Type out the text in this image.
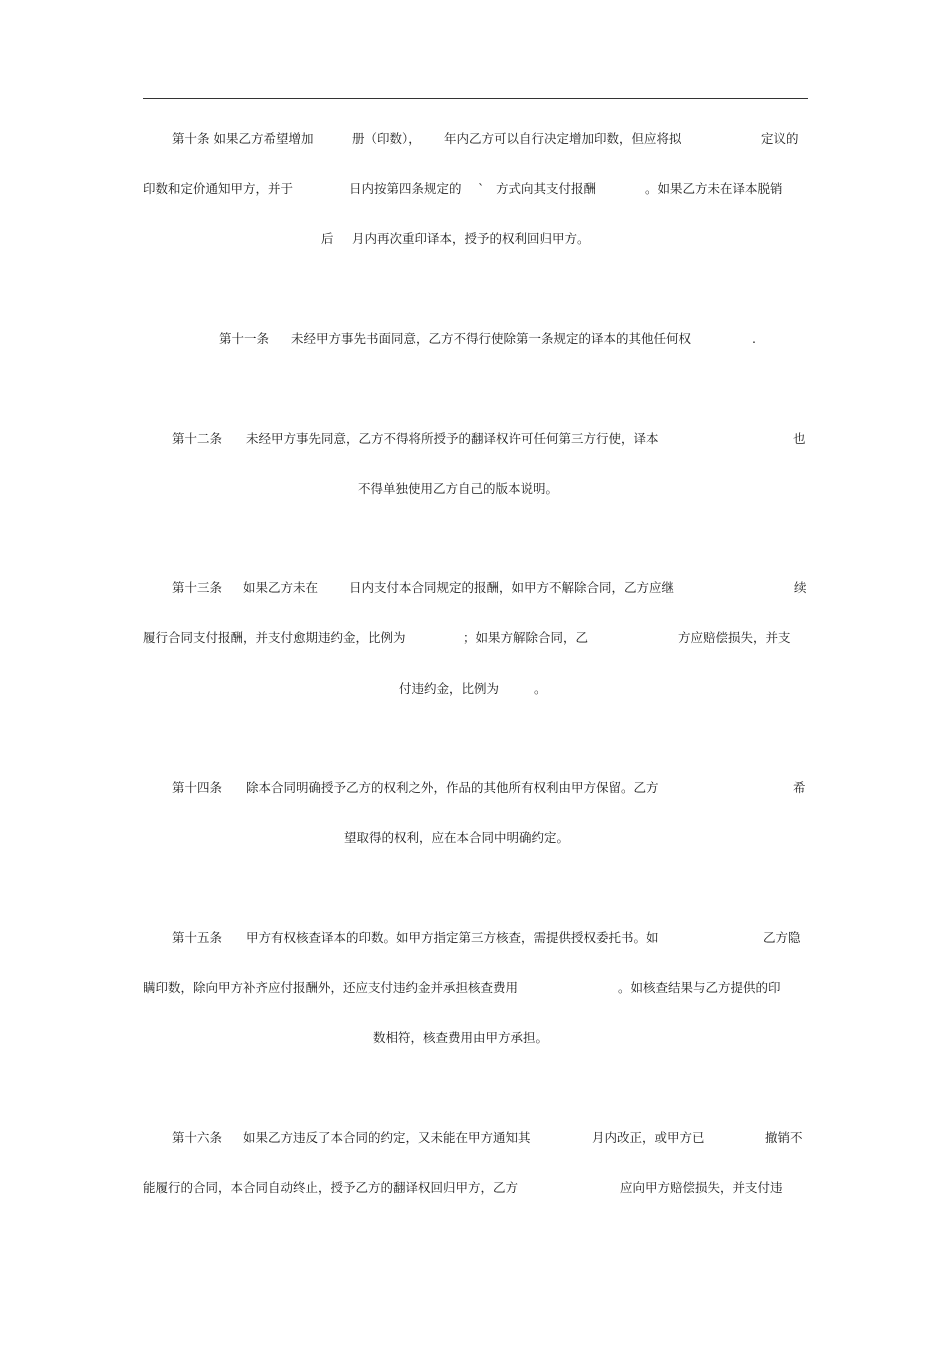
第十条 如果乙方希望增加	册（印数）， 年内乙方可以自行决定增加印数，但应将拟	定议的

印数和定价通知甲方，并于	日内按第四条规定的 ` 方式向其支付报酬	。如果乙方未在译本脱销

后 月内再次重印译本，授予的权利回归甲方。

第十一条 未经甲方事先书面同意，乙方不得行使除第一条规定的译本的其他任何权	.

第十二条 未经甲方事先同意，乙方不得将所授予的翻译权许可任何第三方行使，译本	也

不得单独使用乙方自己的版本说明。

第十三条 如果乙方未在 日内支付本合同规定的报酬，如甲方不解除合同，乙方应继	续

履行合同支付报酬，并支付愈期违约金，比例为	；如果方解除合同，乙	方应赔偿损失，并支

付违约金，比例为	。

第十四条 除本合同明确授予乙方的权利之外，作品的其他所有权利由甲方保留。乙方	希

望取得的权利，应在本合同中明确约定。

第十五条 甲方有权核查译本的印数。如甲方指定第三方核查，需提供授权委托书。如	乙方隐

瞒印数，除向甲方补齐应付报酬外，还应支付违约金并承担核查费用	。如核查结果与乙方提供的印

数相符，核查费用由甲方承担。

第十六条 如果乙方违反了本合同的约定，又未能在甲方通知其	月内改正，或甲方已	撤销不

能履行的合同，本合同自动终止，授予乙方的翻译权回归甲方，乙方	应向甲方赔偿损失，并支付违
